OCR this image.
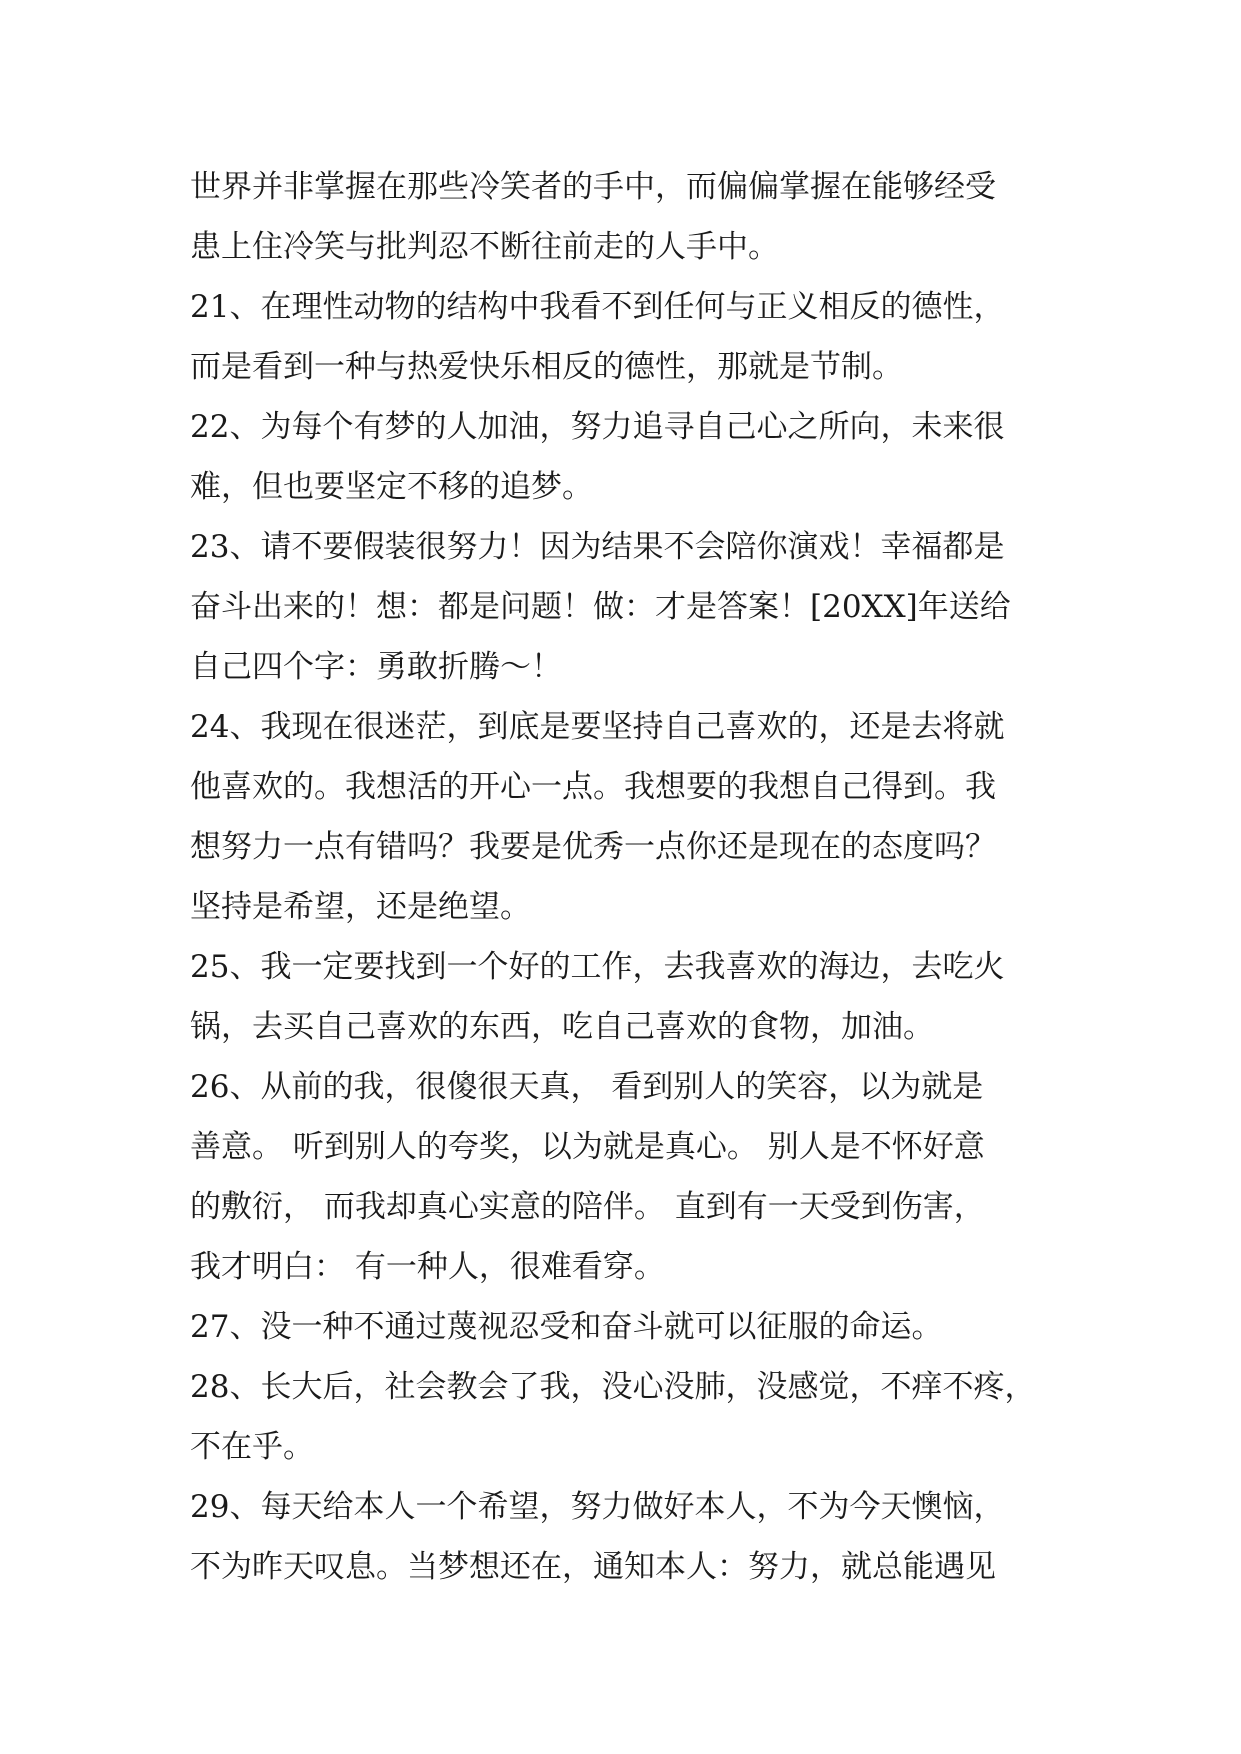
世界并非掌握在那些冷笑者的手中，而偏偏掌握在能够经受
患上住冷笑与批判忍不断往前走的人手中。
21、在理性动物的结构中我看不到任何与正义相反的德性，
而是看到一种与热爱快乐相反的德性，那就是节制。
22、为每个有梦的人加油，努力追寻自己心之所向，未来很
难，但也要坚定不移的追梦。
23、请不要假装很努力！因为结果不会陪你演戏！幸福都是
奋斗出来的！想：都是问题！做：才是答案！[20XX]年送给
自己四个字：勇敢折腾～！
24、我现在很迷茫，到底是要坚持自己喜欢的，还是去将就
他喜欢的。我想活的开心一点。我想要的我想自己得到。我
想努力一点有错吗？我要是优秀一点你还是现在的态度吗？
坚持是希望，还是绝望。
25、我一定要找到一个好的工作，去我喜欢的海边，去吃火
锅，去买自己喜欢的东西，吃自己喜欢的食物，加油。
26、从前的我，很傻很天真， 看到别人的笑容，以为就是
善意。 听到别人的夸奖，以为就是真心。 别人是不怀好意
的敷衍， 而我却真心实意的陪伴。 直到有一天受到伤害，
我才明白： 有一种人，很难看穿。
27、没一种不通过蔑视忍受和奋斗就可以征服的命运。
28、长大后，社会教会了我，没心没肺，没感觉，不痒不疼，
不在乎。
29、每天给本人一个希望，努力做好本人，不为今天懊恼，
不为昨天叹息。当梦想还在，通知本人：努力，就总能遇见
